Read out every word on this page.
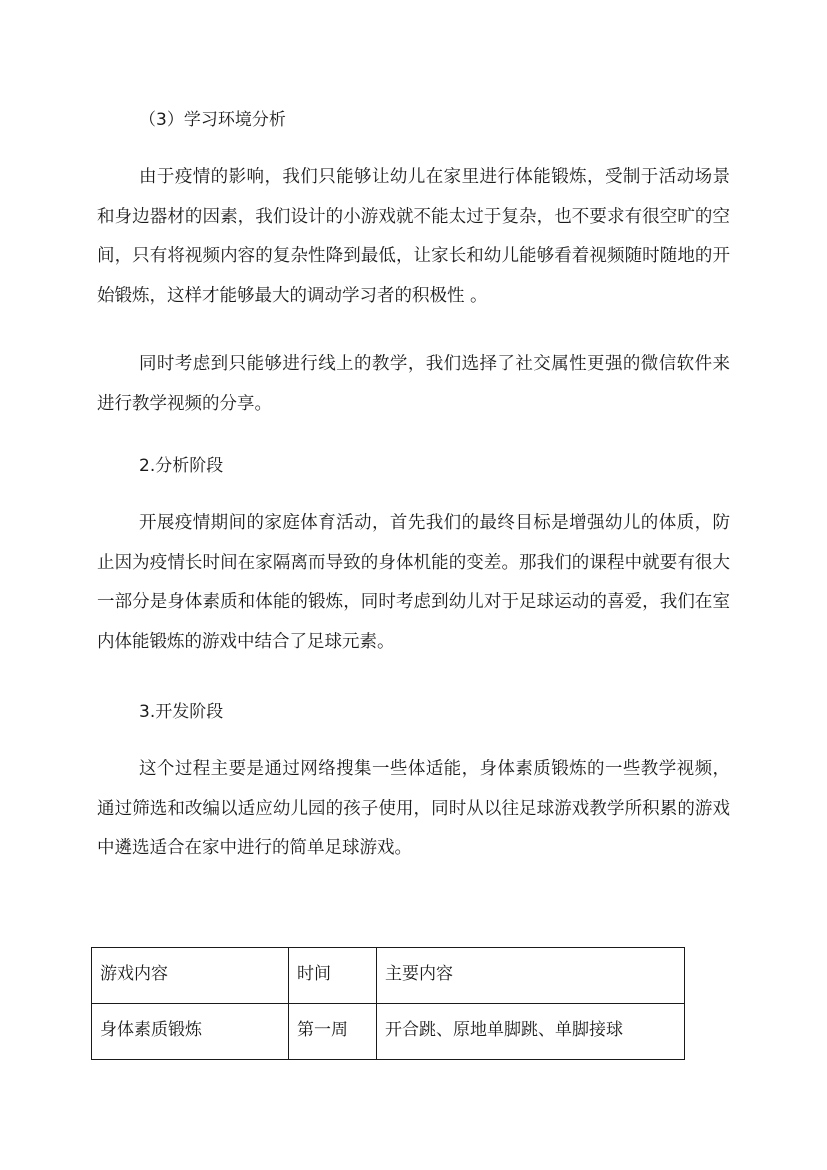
（3）学习环境分析

由于疫情的影响，我们只能够让幼儿在家里进行体能锻炼，受制于活动场景和身边器材的因素，我们设计的小游戏就不能太过于复杂，也不要求有很空旷的空间，只有将视频内容的复杂性降到最低，让家长和幼儿能够看着视频随时随地的开始锻炼，这样才能够最大的调动学习者的积极性 。

同时考虑到只能够进行线上的教学，我们选择了社交属性更强的微信软件来进行教学视频的分享。

2.分析阶段

开展疫情期间的家庭体育活动，首先我们的最终目标是增强幼儿的体质，防止因为疫情长时间在家隔离而导致的身体机能的变差。那我们的课程中就要有很大一部分是身体素质和体能的锻炼，同时考虑到幼儿对于足球运动的喜爱，我们在室内体能锻炼的游戏中结合了足球元素。

3.开发阶段

这个过程主要是通过网络搜集一些体适能，身体素质锻炼的一些教学视频，通过筛选和改编以适应幼儿园的孩子使用，同时从以往足球游戏教学所积累的游戏中遴选适合在家中进行的简单足球游戏。

游戏内容	时间	主要内容
身体素质锻炼	第一周	开合跳、原地单脚跳、单脚接球
